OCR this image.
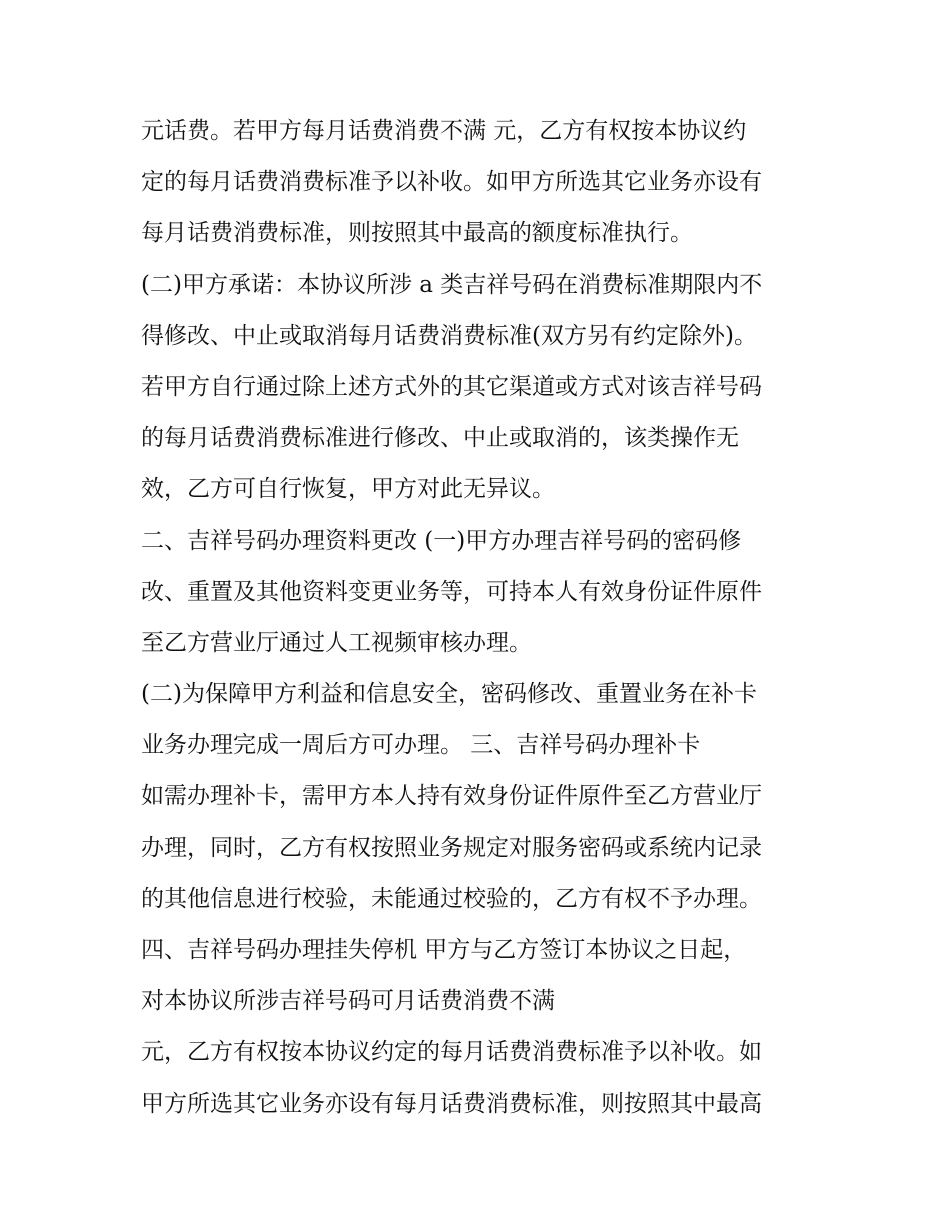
元话费。若甲方每月话费消费不满 元，乙方有权按本协议约
定的每月话费消费标准予以补收。如甲方所选其它业务亦设有
每月话费消费标准，则按照其中最高的额度标准执行。
(二)甲方承诺：本协议所涉 a 类吉祥号码在消费标准期限内不
得修改、中止或取消每月话费消费标准(双方另有约定除外)。
若甲方自行通过除上述方式外的其它渠道或方式对该吉祥号码
的每月话费消费标准进行修改、中止或取消的，该类操作无
效，乙方可自行恢复，甲方对此无异议。
二、吉祥号码办理资料更改 (一)甲方办理吉祥号码的密码修
改、重置及其他资料变更业务等，可持本人有效身份证件原件
至乙方营业厅通过人工视频审核办理。
(二)为保障甲方利益和信息安全，密码修改、重置业务在补卡
业务办理完成一周后方可办理。 三、吉祥号码办理补卡
如需办理补卡，需甲方本人持有效身份证件原件至乙方营业厅
办理，同时，乙方有权按照业务规定对服务密码或系统内记录
的其他信息进行校验，未能通过校验的，乙方有权不予办理。
四、吉祥号码办理挂失停机 甲方与乙方签订本协议之日起，
对本协议所涉吉祥号码可月话费消费不满
元，乙方有权按本协议约定的每月话费消费标准予以补收。如
甲方所选其它业务亦设有每月话费消费标准，则按照其中最高
